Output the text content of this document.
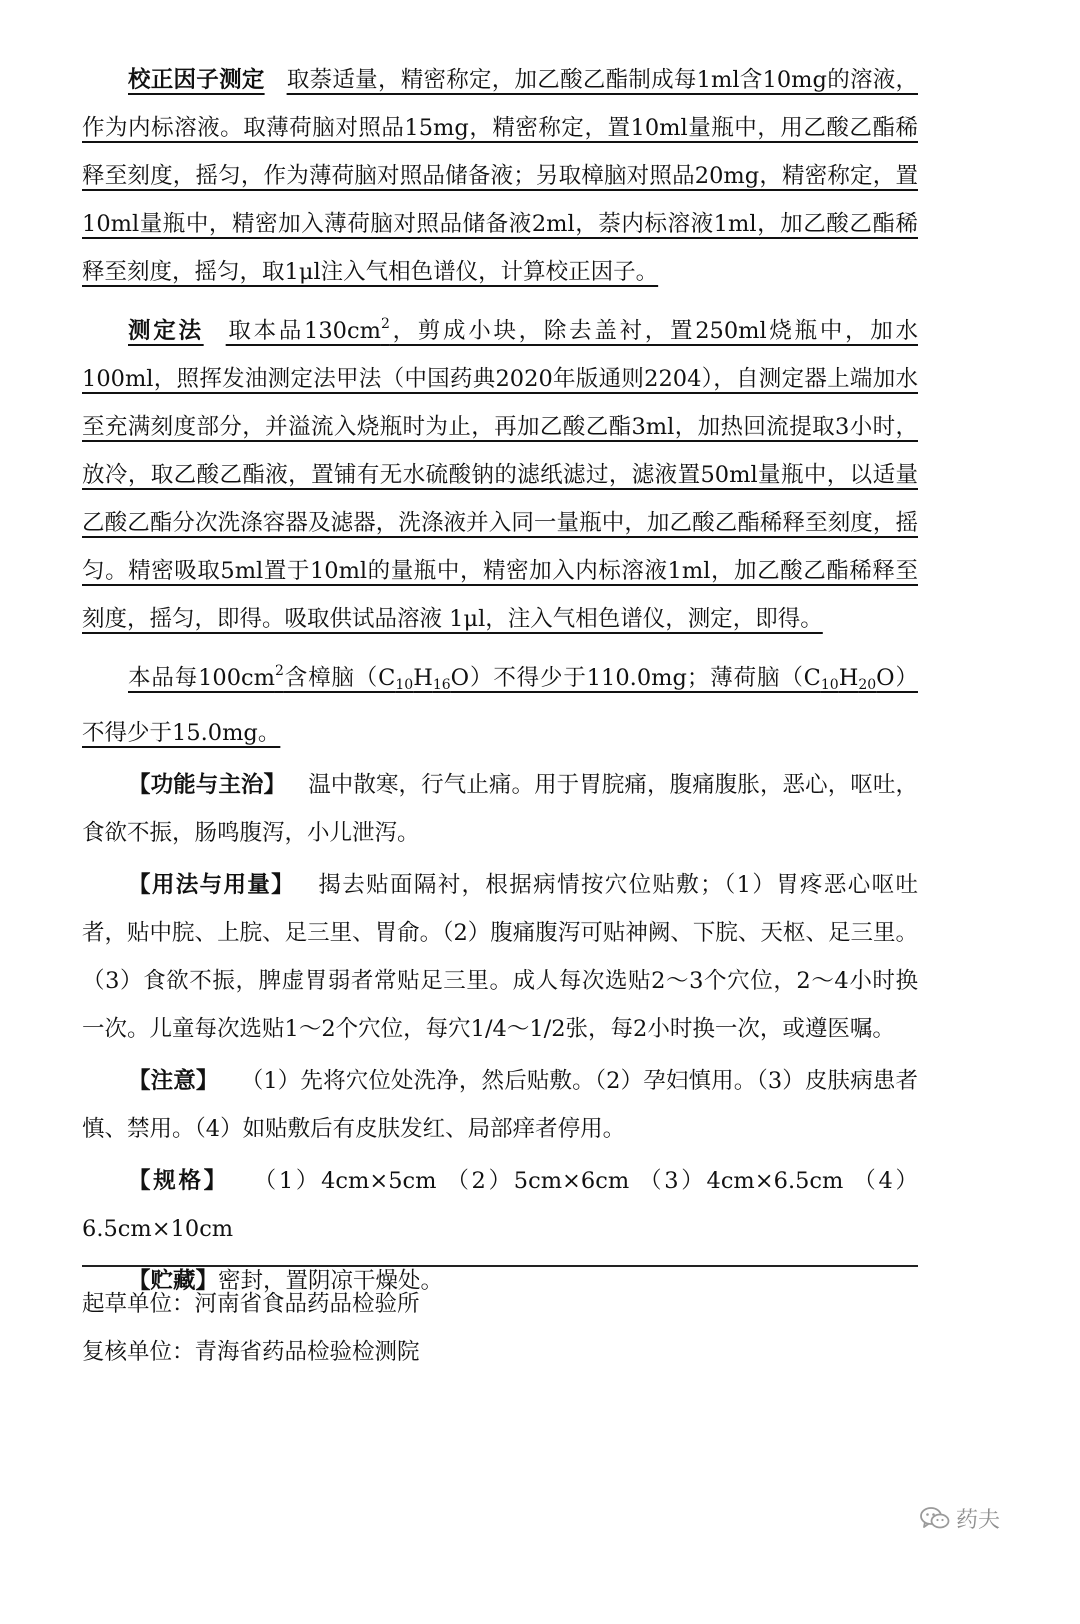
校正因子测定 取萘适量，精密称定，加乙酸乙酯制成每1ml含10mg的溶液，作为内标溶液。取薄荷脑对照品15mg，精密称定，置10ml量瓶中，用乙酸乙酯稀释至刻度，摇匀，作为薄荷脑对照品储备液；另取樟脑对照品20mg，精密称定，置10ml量瓶中，精密加入薄荷脑对照品储备液2ml，萘内标溶液1ml，加乙酸乙酯稀释至刻度，摇匀，取1μl注入气相色谱仪，计算校正因子。

测定法 取本品$130cm^2$，剪成小块，除去盖衬，置250ml烧瓶中，加水100ml，照挥发油测定法甲法（中国药典2020年版通则2204），自测定器上端加水至充满刻度部分，并溢流入烧瓶时为止，再加乙酸乙酯3ml，加热回流提取3小时，放冷，取乙酸乙酯液，置铺有无水硫酸钠的滤纸滤过，滤液置50ml量瓶中，以适量乙酸乙酯分次洗涤容器及滤器，洗涤液并入同一量瓶中，加乙酸乙酯稀释至刻度，摇匀。精密吸取5ml置于10ml的量瓶中，精密加入内标溶液1ml，加乙酸乙酯稀释至刻度，摇匀，即得。吸取供试品溶液 1μl，注入气相色谱仪，测定，即得。

本品每$100cm^2$含樟脑$(C_{10}H_{16}O)$不得少于110.0mg；薄荷脑$(C_{10}H_{20}O)$不得少于15.0mg。

【功能与主治】 温中散寒，行气止痛。用于胃脘痛，腹痛腹胀，恶心，呕吐，食欲不振，肠鸣腹泻，小儿泄泻。

【用法与用量】 揭去贴面隔衬，根据病情按穴位贴敷；（1）胃疼恶心呕吐者，贴中脘、上脘、足三里、胃俞。（2）腹痛腹泻可贴神阙、下脘、天枢、足三里。（3）食欲不振，脾虚胃弱者常贴足三里。成人每次选贴2～3个穴位，2～4小时换一次。儿童每次选贴1～2个穴位，每穴1/4～1/2张，每2小时换一次，或遵医嘱。

【注意】 （1）先将穴位处洗净，然后贴敷。（2）孕妇慎用。（3）皮肤病患者慎、禁用。（4）如贴敷后有皮肤发红、局部痒者停用。

【规格】 （1）4cm×5cm （2）5cm×6cm （3）4cm×6.5cm （4）6.5cm×10cm

【贮藏】密封，置阴凉干燥处。

起草单位：河南省食品药品检验所

复核单位：青海省药品检验检测院

药夫
